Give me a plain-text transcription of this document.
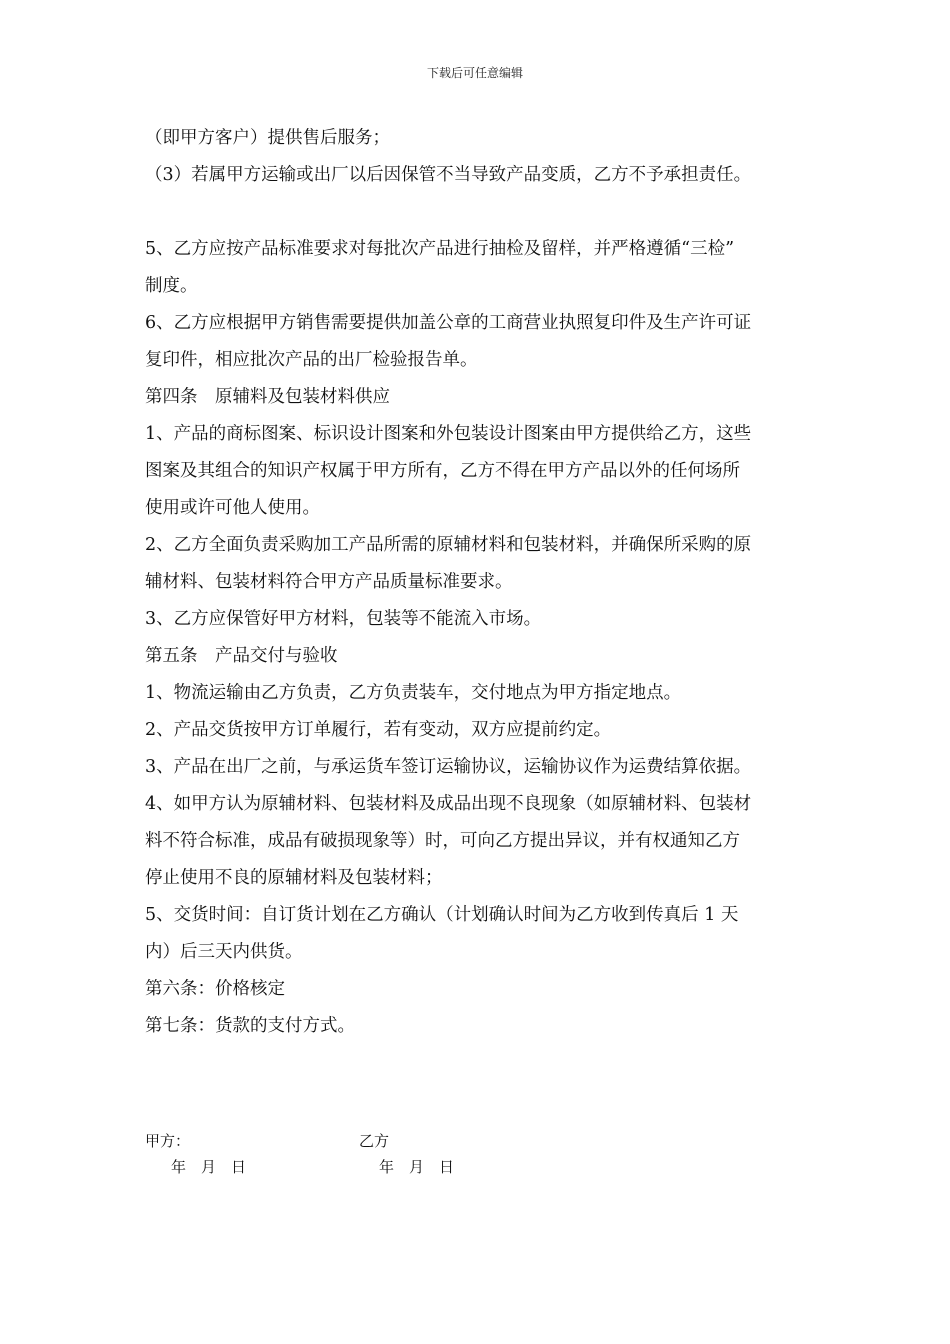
下载后可任意编辑
（即甲方客户）提供售后服务；
（3）若属甲方运输或出厂以后因保管不当导致产品变质，乙方不予承担责任。
5、乙方应按产品标准要求对每批次产品进行抽检及留样，并严格遵循“三检”
制度。
6、乙方应根据甲方销售需要提供加盖公章的工商营业执照复印件及生产许可证
复印件，相应批次产品的出厂检验报告单。
第四条　原辅料及包装材料供应
1、产品的商标图案、标识设计图案和外包装设计图案由甲方提供给乙方，这些
图案及其组合的知识产权属于甲方所有，乙方不得在甲方产品以外的任何场所
使用或许可他人使用。
2、乙方全面负责采购加工产品所需的原辅材料和包装材料，并确保所采购的原
辅材料、包装材料符合甲方产品质量标准要求。
3、乙方应保管好甲方材料，包装等不能流入市场。
第五条　产品交付与验收
1、物流运输由乙方负责，乙方负责装车，交付地点为甲方指定地点。
2、产品交货按甲方订单履行，若有变动，双方应提前约定。
3、产品在出厂之前，与承运货车签订运输协议，运输协议作为运费结算依据。
4、如甲方认为原辅材料、包装材料及成品出现不良现象（如原辅材料、包装材
料不符合标准，成品有破损现象等）时，可向乙方提出异议，并有权通知乙方
停止使用不良的原辅材料及包装材料；
5、交货时间：自订货计划在乙方确认（计划确认时间为乙方收到传真后 1 天
内）后三天内供货。
第六条：价格核定
第七条：货款的支付方式。

甲方：

	乙方

年　月　日

	年　月　日
